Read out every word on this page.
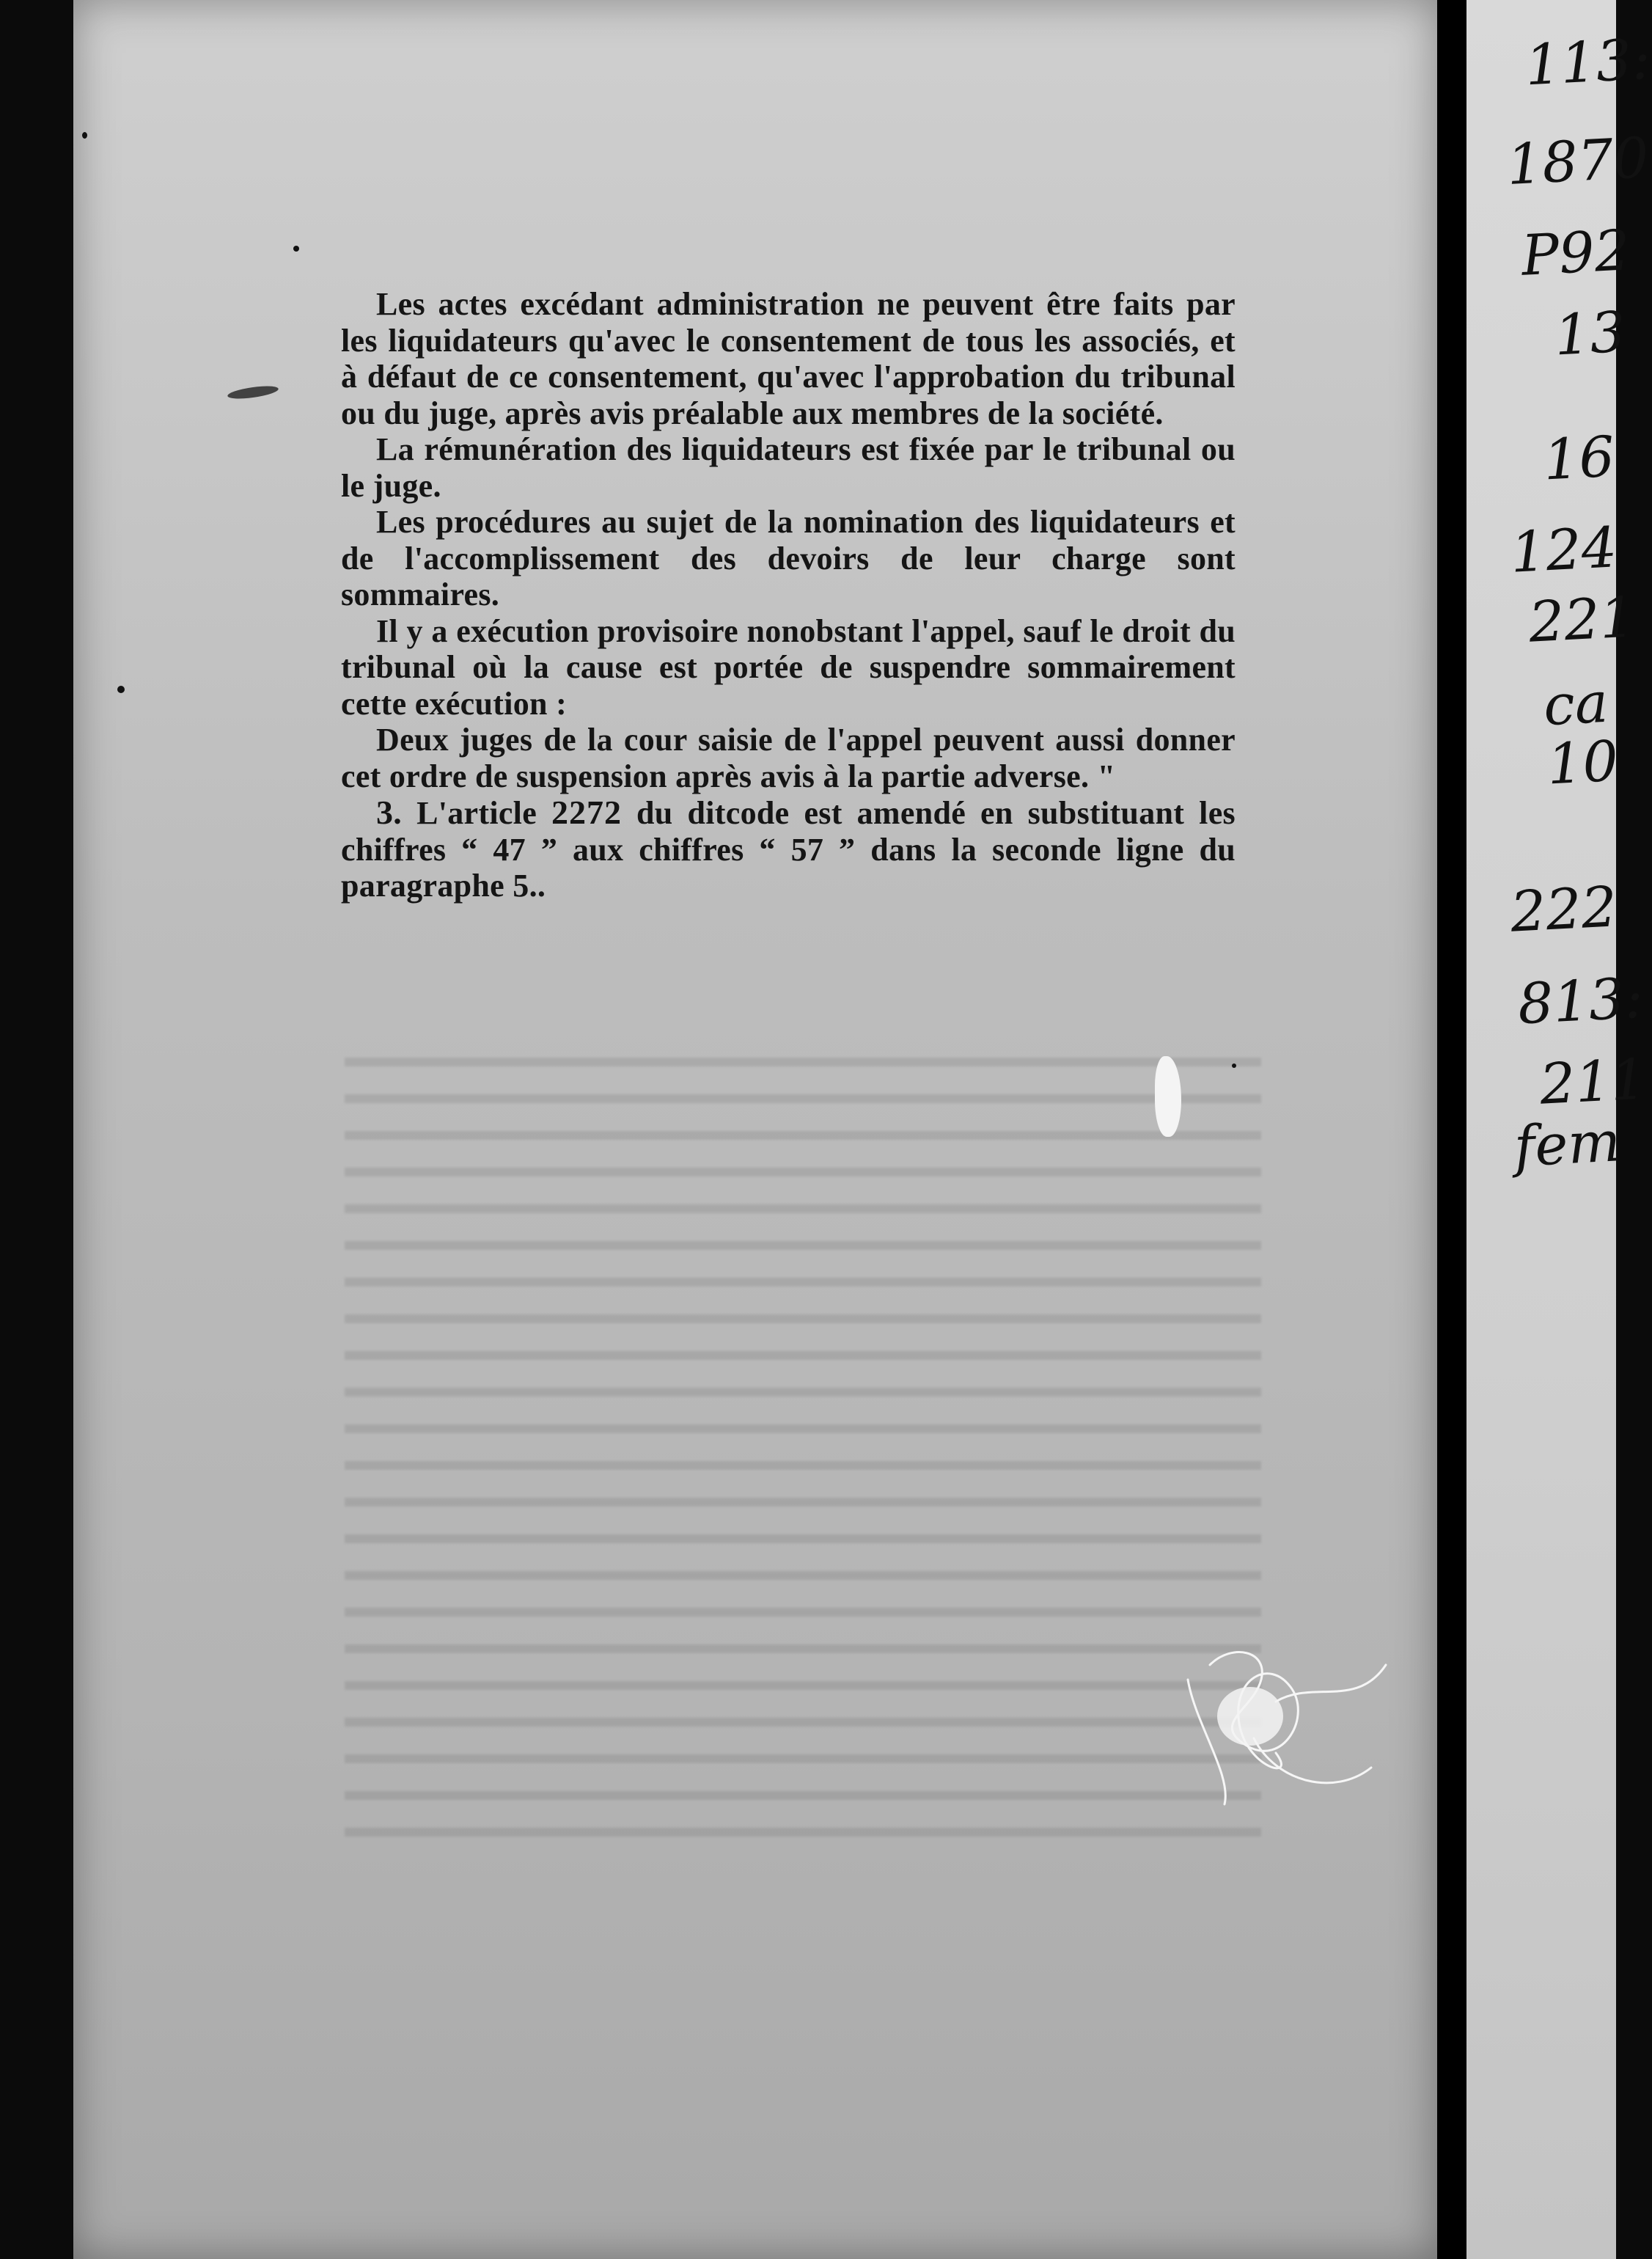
113:
1870
P92
13
16
124
221
ca
10
222
813:
211
fem

Les actes excédant administration ne peuvent être faits par les liquidateurs qu'avec le consentement de tous les associés, et à défaut de ce consentement, qu'avec l'approbation du tribunal ou du juge, après avis préalable aux membres de la société.

La rémunération des liquidateurs est fixée par le tribunal ou le juge.

Les procédures au sujet de la nomination des liquidateurs et de l'accomplissement des devoirs de leur charge sont sommaires.

Il y a exécution provisoire nonobstant l'appel, sauf le droit du tribunal où la cause est portée de suspendre sommairement cette exécution :

Deux juges de la cour saisie de l'appel peuvent aussi donner cet ordre de suspension après avis à la partie adverse. "

3. L'article 2272 du ditcode est amendé en substituant les chiffres “ 47 ” aux chiffres “ 57 ” dans la seconde ligne du paragraphe 5..
